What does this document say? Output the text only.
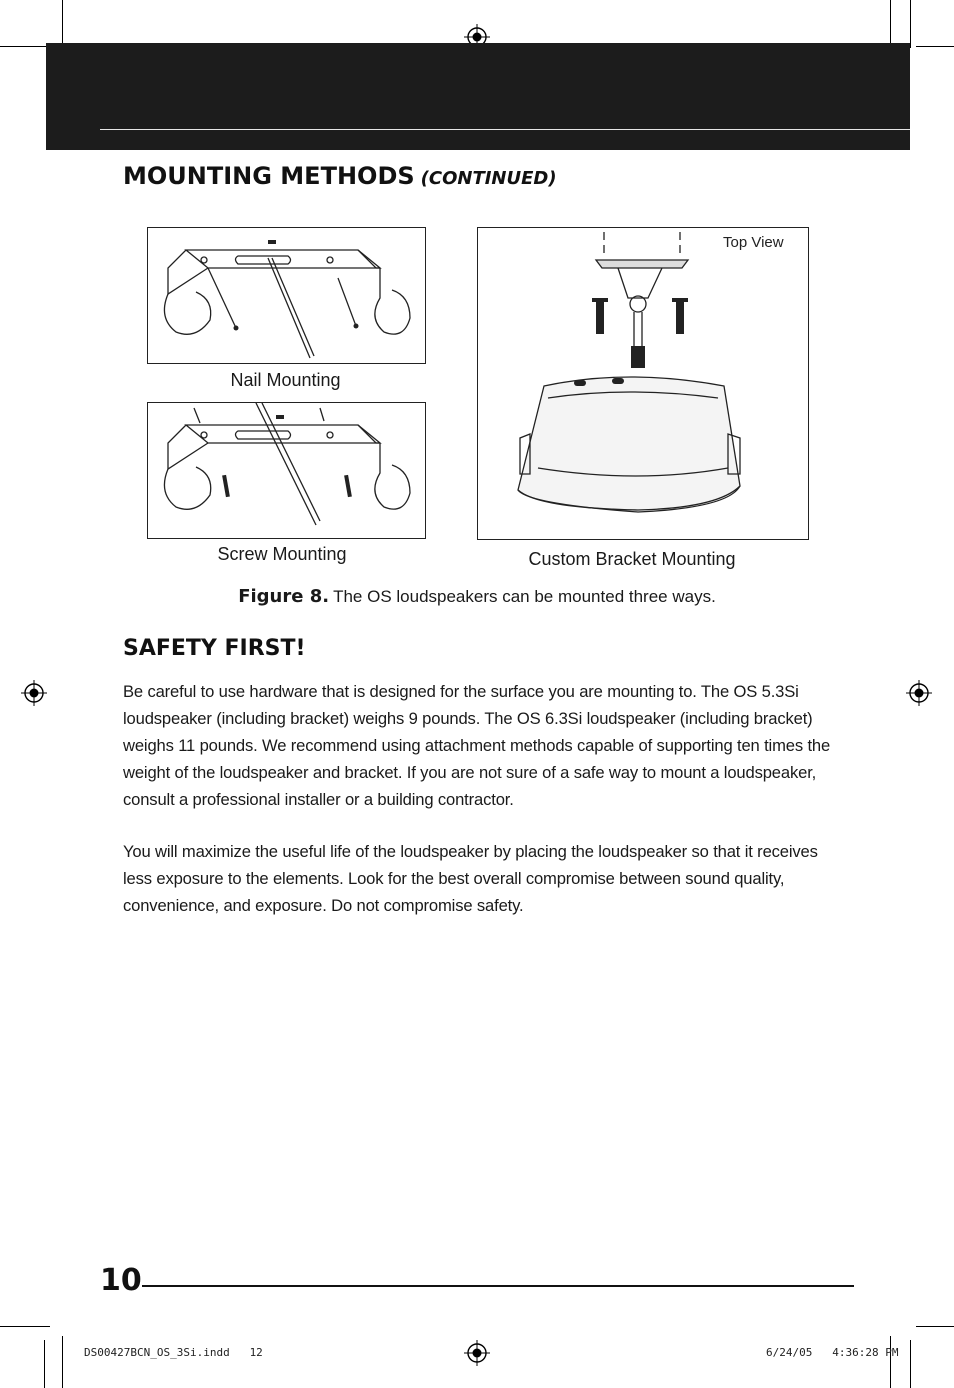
MOUNTING METHODS (CONTINUED)
Nail Mounting
Screw Mounting
Top View
Custom Bracket Mounting
Figure 8. The OS loudspeakers can be mounted three ways.
SAFETY FIRST!
Be careful to use hardware that is designed for the surface you are mounting to. The OS 5.3Si
loudspeaker (including bracket) weighs 9 pounds. The OS 6.3Si loudspeaker (including bracket)
weighs 11 pounds. We recommend using attachment methods capable of supporting ten times the
weight of the loudspeaker and bracket. If you are not sure of a safe way to mount a loudspeaker,
consult a professional installer or a building contractor.
You will maximize the useful life of the loudspeaker by placing the loudspeaker so that it receives
less exposure to the elements. Look for the best overall compromise between sound quality,
convenience, and exposure. Do not compromise safety.
10
DS00427BCN_OS_3Si.indd   12	6/24/05   4:36:28 PM
